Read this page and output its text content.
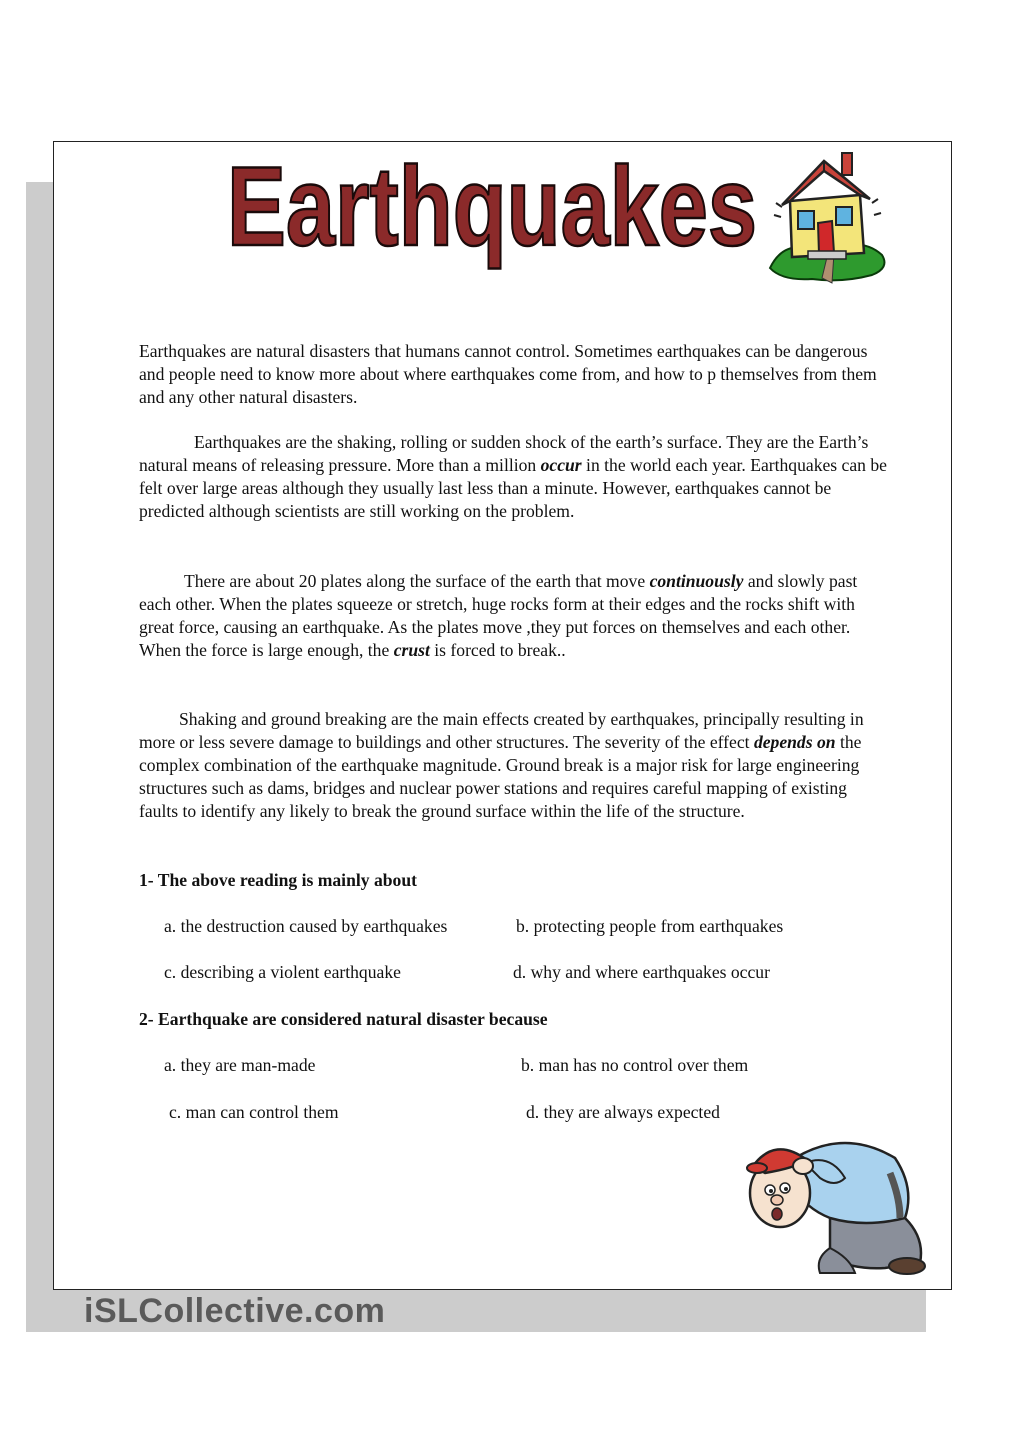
Earthquakes

Earthquakes are natural disasters that humans cannot control. Sometimes earthquakes can be dangerous and people need to know more about where earthquakes come from, and how to p themselves from them and any other natural disasters.

Earthquakes are the shaking, rolling or sudden shock of the earth’s surface. They are the Earth’s natural means of releasing pressure. More than a million occur in the world each year. Earthquakes can be felt over large areas although they usually last less than a minute. However, earthquakes cannot be predicted although scientists are still working on the problem.

There are about 20 plates along the surface of the earth that move continuously and slowly past each other. When the plates squeeze or stretch, huge rocks form at their edges and the rocks shift with great force, causing an earthquake. As the plates move ,they put forces on themselves and each other. When the force is large enough, the crust is forced to break..

Shaking and ground breaking are the main effects created by earthquakes, principally resulting in more or less severe damage to buildings and other structures. The severity of the effect depends on the complex combination of the earthquake magnitude. Ground break is a major risk for large engineering structures such as dams, bridges and nuclear power stations and requires careful mapping of existing faults to identify any likely to break the ground surface within the life of the structure.

1- The above reading is mainly about
a. the destruction caused by earthquakes	b. protecting people from earthquakes
c. describing a violent earthquake	d. why and where earthquakes occur
2- Earthquake are considered natural disaster because
a. they are man-made	b. man has no control over them
c. man can control them	d. they are always expected
iSLCollective.com
